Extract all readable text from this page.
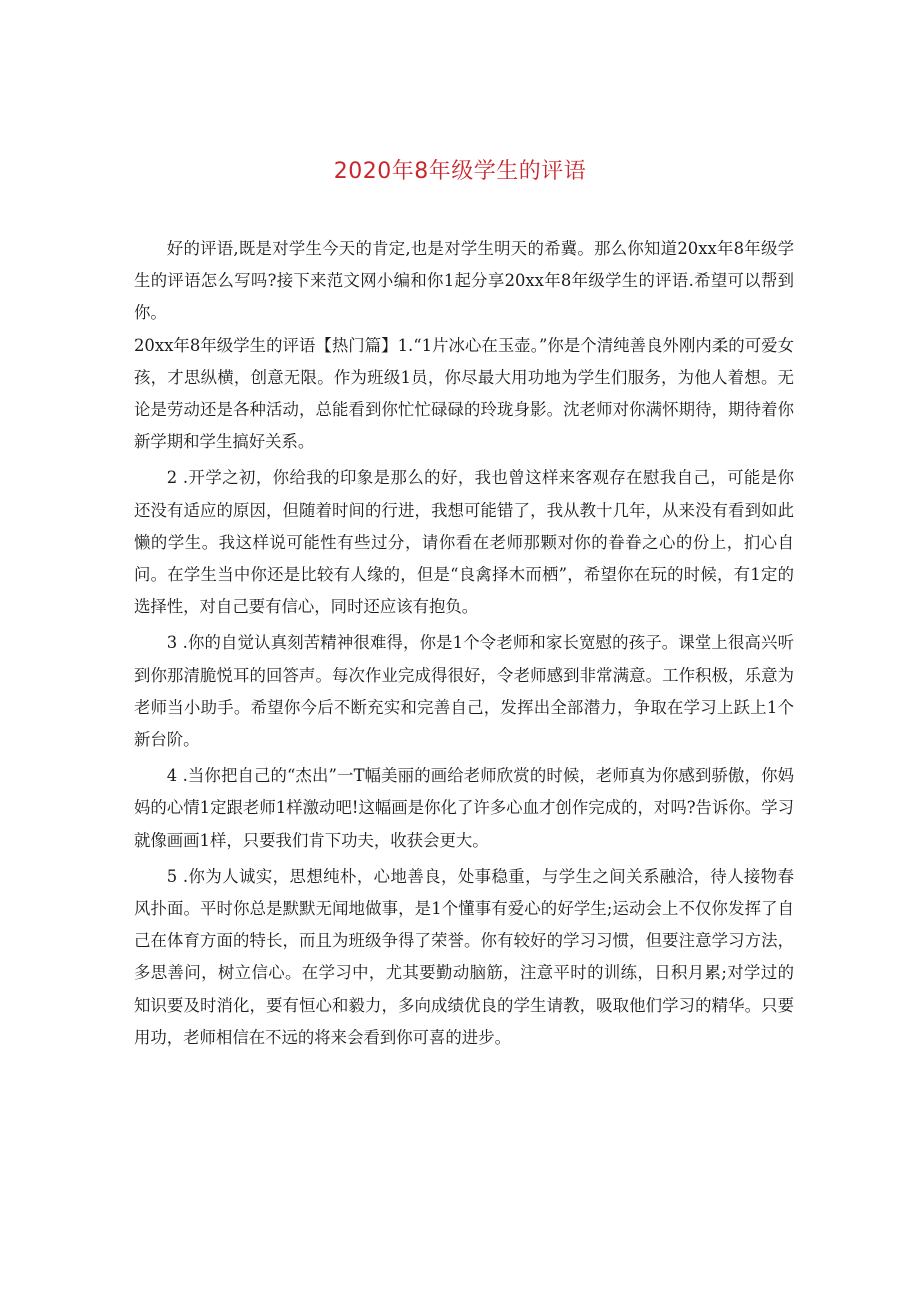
2020年8年级学生的评语

好的评语,既是对学生今天的肯定,也是对学生明天的希冀。那么你知道20xx年8年级学生的评语怎么写吗?接下来范文网小编和你1起分享20xx年8年级学生的评语.希望可以帮到你。

20xx年8年级学生的评语【热门篇】1.“1片冰心在玉壶。”你是个清纯善良外刚内柔的可爱女孩，才思纵横，创意无限。作为班级1员，你尽最大用功地为学生们服务，为他人着想。无论是劳动还是各种活动，总能看到你忙忙碌碌的玲珑身影。沈老师对你满怀期待，期待着你新学期和学生搞好关系。

2 .开学之初，你给我的印象是那么的好，我也曾这样来客观存在慰我自己，可能是你还没有适应的原因，但随着时间的行进，我想可能错了，我从教十几年，从来没有看到如此懒的学生。我这样说可能性有些过分，请你看在老师那颗对你的眷眷之心的份上，扪心自问。在学生当中你还是比较有人缘的，但是“良禽择木而栖”，希望你在玩的时候，有1定的选择性，对自己要有信心，同时还应该有抱负。

3 .你的自觉认真刻苦精神很难得，你是1个令老师和家长宽慰的孩子。课堂上很高兴听到你那清脆悦耳的回答声。每次作业完成得很好，令老师感到非常满意。工作积极，乐意为老师当小助手。希望你今后不断充实和完善自己，发挥出全部潜力，争取在学习上跃上1个新台阶。

4 .当你把自己的“杰出”一T幅美丽的画给老师欣赏的时候，老师真为你感到骄傲，你妈妈的心情1定跟老师1样激动吧!这幅画是你化了许多心血才创作完成的，对吗?告诉你。学习就像画画1样，只要我们肯下功夫，收获会更大。

5 .你为人诚实，思想纯朴，心地善良，处事稳重，与学生之间关系融洽，待人接物春风扑面。平时你总是默默无闻地做事，是1个懂事有爱心的好学生;运动会上不仅你发挥了自己在体育方面的特长，而且为班级争得了荣誉。你有较好的学习习惯，但要注意学习方法，多思善问，树立信心。在学习中，尤其要勤动脑筋，注意平时的训练，日积月累;对学过的知识要及时消化，要有恒心和毅力，多向成绩优良的学生请教，吸取他们学习的精华。只要用功，老师相信在不远的将来会看到你可喜的进步。
